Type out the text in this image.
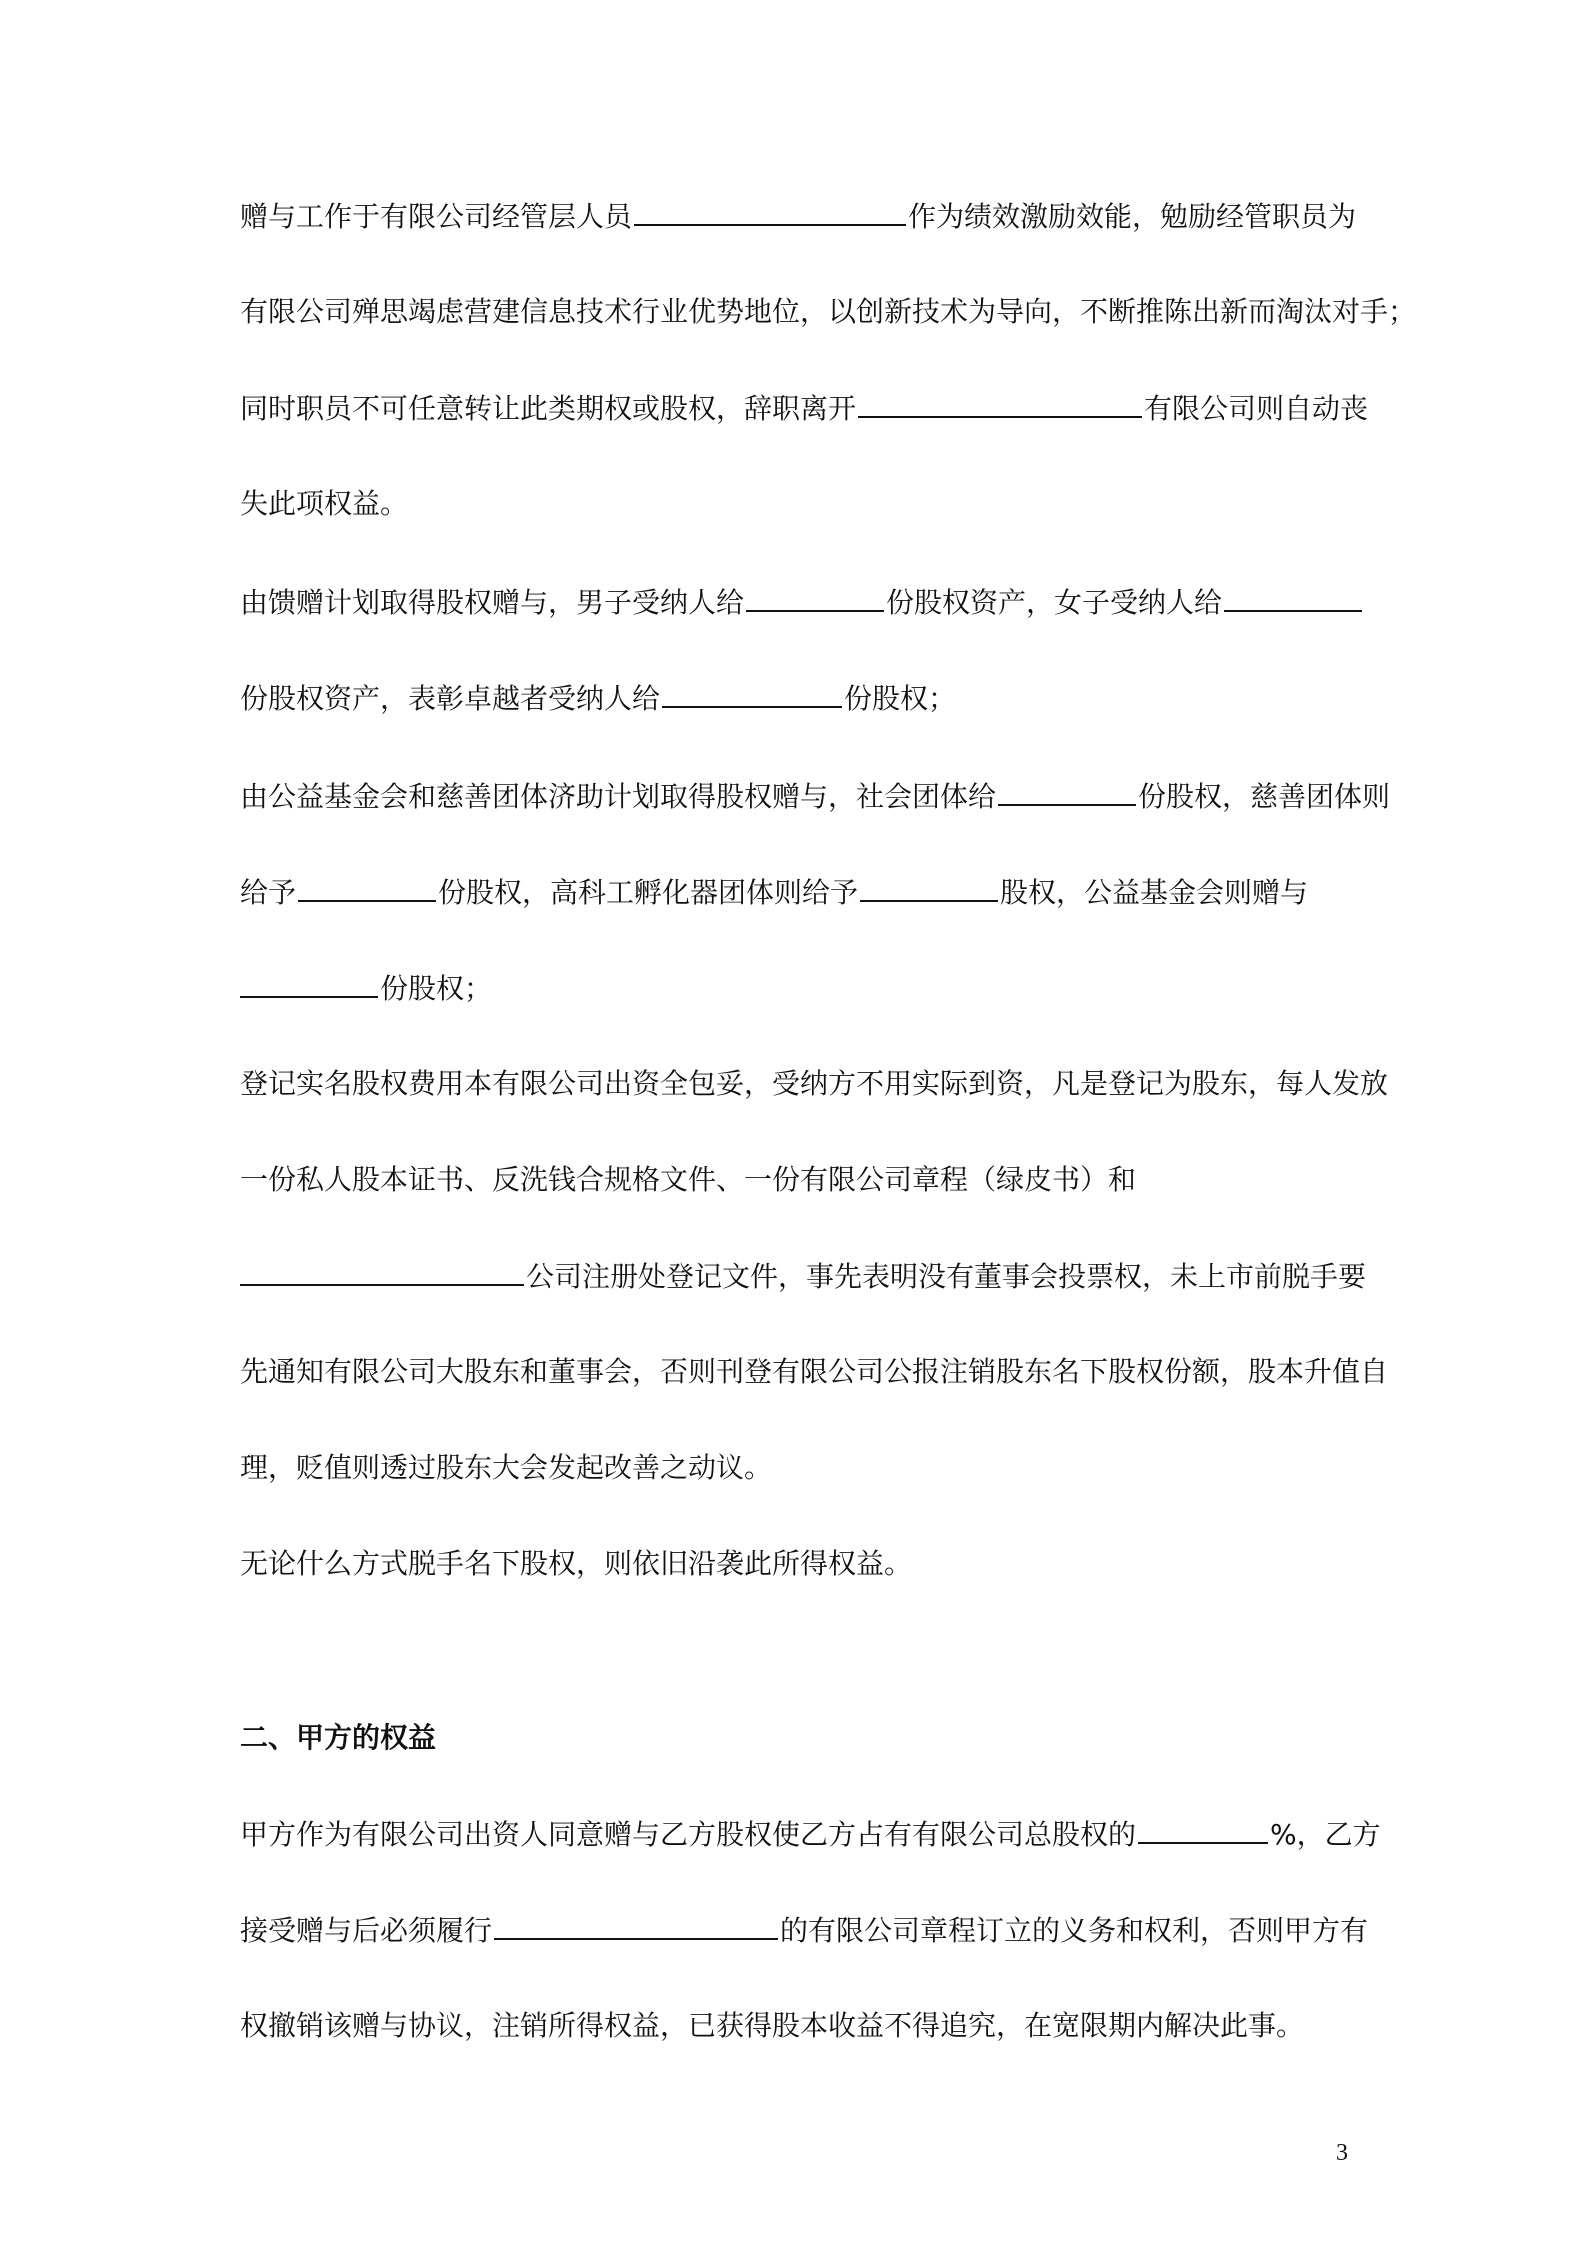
赠与工作于有限公司经管层人员	作为绩效激励效能，勉励经管职员为
有限公司殚思竭虑营建信息技术行业优势地位，以创新技术为导向，不断推陈出新而淘汰对手；
同时职员不可任意转让此类期权或股权，辞职离开	有限公司则自动丧
失此项权益。
由馈赠计划取得股权赠与，男子受纳人给	份股权资产，女子受纳人给
份股权资产，表彰卓越者受纳人给	份股权；
由公益基金会和慈善团体济助计划取得股权赠与，社会团体给	份股权，慈善团体则
给予	份股权，高科工孵化器团体则给予	股权，公益基金会则赠与
份股权；
登记实名股权费用本有限公司出资全包妥，受纳方不用实际到资，凡是登记为股东，每人发放
一份私人股本证书、反洗钱合规格文件、一份有限公司章程（绿皮书）和
公司注册处登记文件，事先表明没有董事会投票权，未上市前脱手要
先通知有限公司大股东和董事会，否则刊登有限公司公报注销股东名下股权份额，股本升值自
理，贬值则透过股东大会发起改善之动议。
无论什么方式脱手名下股权，则依旧沿袭此所得权益。
二、甲方的权益
甲方作为有限公司出资人同意赠与乙方股权使乙方占有有限公司总股权的	%，乙方
接受赠与后必须履行	的有限公司章程订立的义务和权利，否则甲方有
权撤销该赠与协议，注销所得权益，已获得股本收益不得追究，在宽限期内解决此事。
3
